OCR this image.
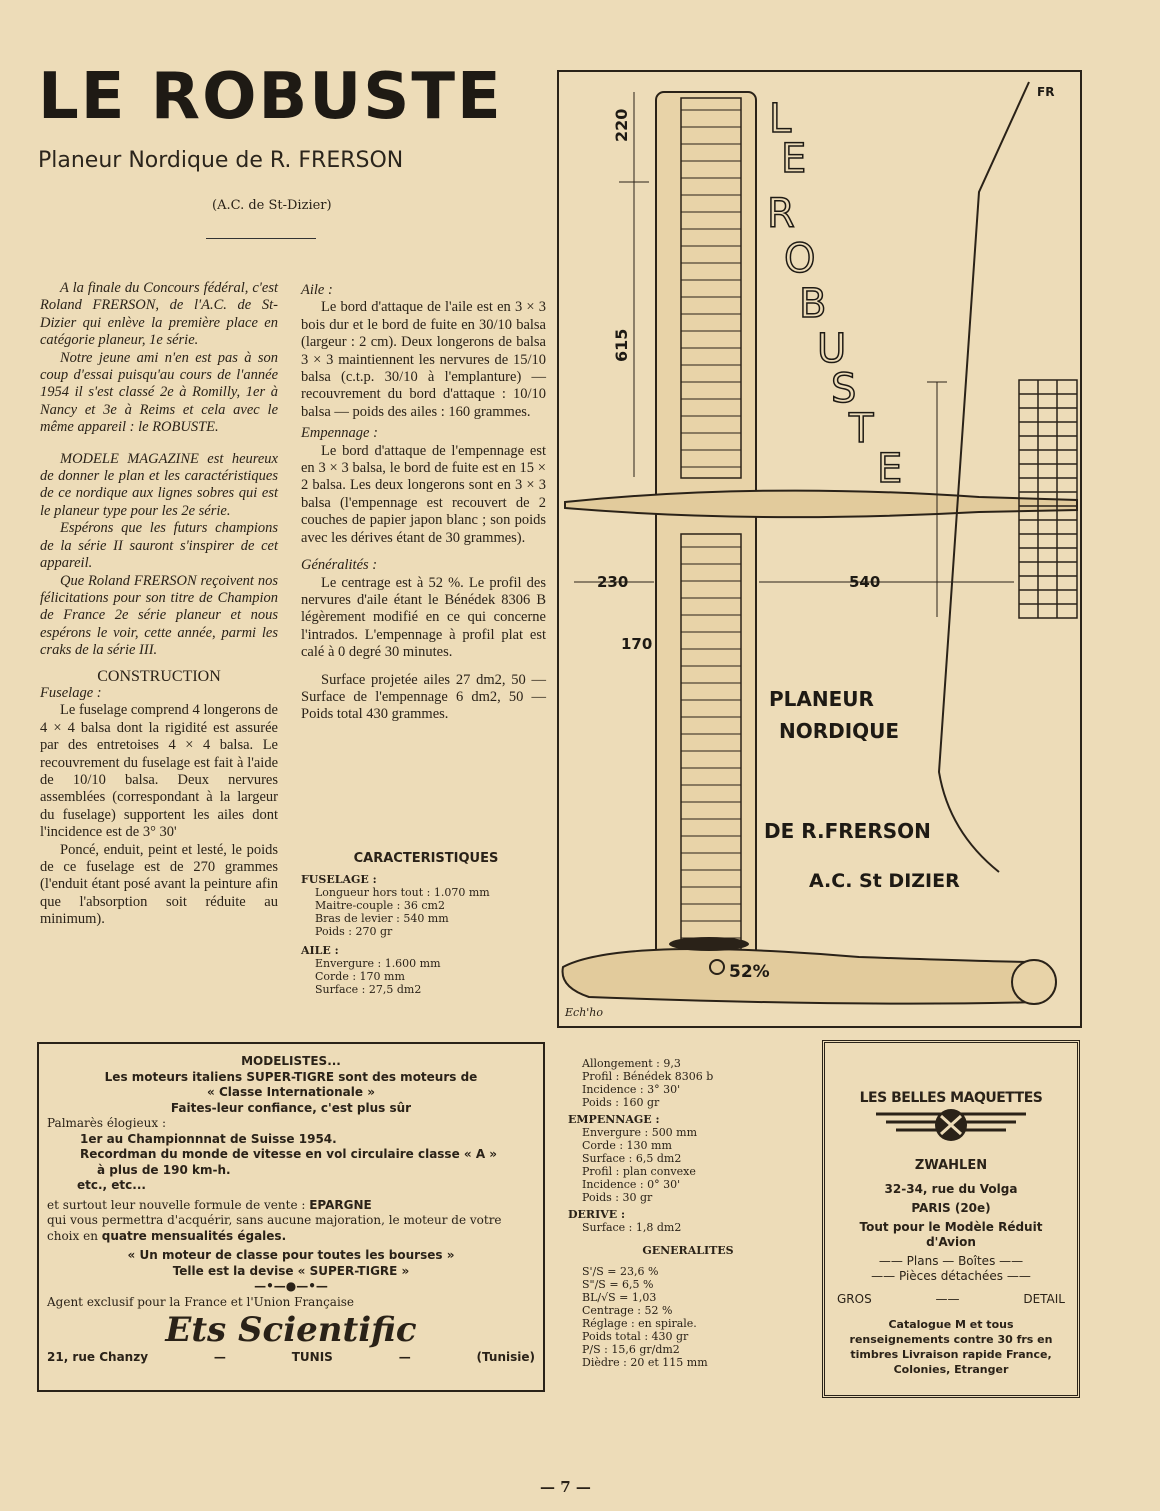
LE ROBUSTE
Planeur Nordique de R. FRERSON
(A.C. de St-Dizier)

A la finale du Concours fédéral, c'est Roland FRERSON, de l'A.C. de St-Dizier qui enlève la première place en catégorie planeur, 1e série.

Notre jeune ami n'en est pas à son coup d'essai puisqu'au cours de l'année 1954 il s'est classé 2e à Romilly, 1er à Nancy et 3e à Reims et cela avec le même appareil : le ROBUSTE.

MODELE MAGAZINE est heureux de donner le plan et les caractéristiques de ce nordique aux lignes sobres qui est le planeur type pour les 2e série.

Espérons que les futurs champions de la série II sauront s'inspirer de cet appareil.

Que Roland FRERSON reçoivent nos félicitations pour son titre de Champion de France 2e série planeur et nous espérons le voir, cette année, parmi les craks de la série III.

CONSTRUCTION
Fuselage :

Le fuselage comprend 4 longerons de 4 × 4 balsa dont la rigidité est assurée par des entretoises 4 × 4 balsa. Le recouvrement du fuselage est fait à l'aide de 10/10 balsa. Deux nervures assemblées (correspondant à la largeur du fuselage) supportent les ailes dont l'incidence est de 3° 30'

Poncé, enduit, peint et lesté, le poids de ce fuselage est de 270 grammes (l'enduit étant posé avant la peinture afin que l'absorption soit réduite au minimum).

Aile :

Le bord d'attaque de l'aile est en 3 × 3 bois dur et le bord de fuite en 30/10 balsa (largeur : 2 cm). Deux longerons de balsa 3 × 3 maintiennent les nervures de 15/10 balsa (c.t.p. 30/10 à l'emplanture) — recouvrement du bord d'attaque : 10/10 balsa — poids des ailes : 160 grammes.

Empennage :

Le bord d'attaque de l'empennage est en 3 × 3 balsa, le bord de fuite est en 15 × 2 balsa. Les deux longerons sont en 3 × 3 balsa (l'empennage est recouvert de 2 couches de papier japon blanc ; son poids avec les dérives étant de 30 grammes).

Généralités :

Le centrage est à 52 %. Le profil des nervures d'aile étant le Bénédek 8306 B légèrement modifié en ce qui concerne l'intrados. L'empennage à profil plat est calé à 0 degré 30 minutes.

Surface projetée ailes 27 dm2, 50 — Surface de l'empennage 6 dm2, 50 — Poids total 430 grammes.

CARACTERISTIQUES
FUSELAGE :
Longueur hors tout : 1.070 mm
Maitre-couple : 36 cm2
Bras de levier : 540 mm
Poids : 270 gr
AILE :
Envergure : 1.600 mm
Corde : 170 mm
Surface : 27,5 dm2
Allongement : 9,3
Profil : Bénédek 8306 b
Incidence : 3° 30'
Poids : 160 gr
EMPENNAGE :
Envergure : 500 mm
Corde : 130 mm
Surface : 6,5 dm2
Profil : plan convexe
Incidence : 0° 30'
Poids : 30 gr
DERIVE :
Surface : 1,8 dm2
GENERALITES
S'/S = 23,6 %
S"/S = 6,5 %
BL/√S = 1,03
Centrage : 52 %
Réglage : en spirale.
Poids total : 430 gr
P/S : 15,6 gr/dm2
Dièdre : 20 et 115 mm
220
615
230	540
170
L
E
R
O
B
U
S
T
E
PLANEUR
NORDIQUE
DE R.FRERSON
A.C. St DIZIER
FR
52%
Ech'ho
MODELISTES...
Les moteurs italiens SUPER-TIGRE sont des moteurs de
« Classe Internationale »
Faites-leur confiance, c'est plus sûr
Palmarès élogieux :
1er au Championnnat de Suisse 1954.
Recordman du monde de vitesse en vol circulaire classe « A »
à plus de 190 km-h.
etc., etc...
et surtout leur nouvelle formule de vente : EPARGNE
qui vous permettra d'acquérir, sans aucune majoration, le moteur de votre choix en quatre mensualités égales.
« Un moteur de classe pour toutes les bourses »
Telle est la devise « SUPER-TIGRE »
—•—●—•—
Agent exclusif pour la France et l'Union Française
Ets Scientific
21, rue Chanzy	—	TUNIS	—	(Tunisie)
LES BELLES MAQUETTES
ZWAHLEN
32-34, rue du Volga
PARIS (20e)
Tout pour le Modèle Réduit d'Avion
—— Plans — Boîtes ——
—— Pièces détachées ——
GROS	——	DETAIL
Catalogue M et tous renseignements contre 30 frs en timbres Livraison rapide France, Colonies, Etranger
— 7 —
